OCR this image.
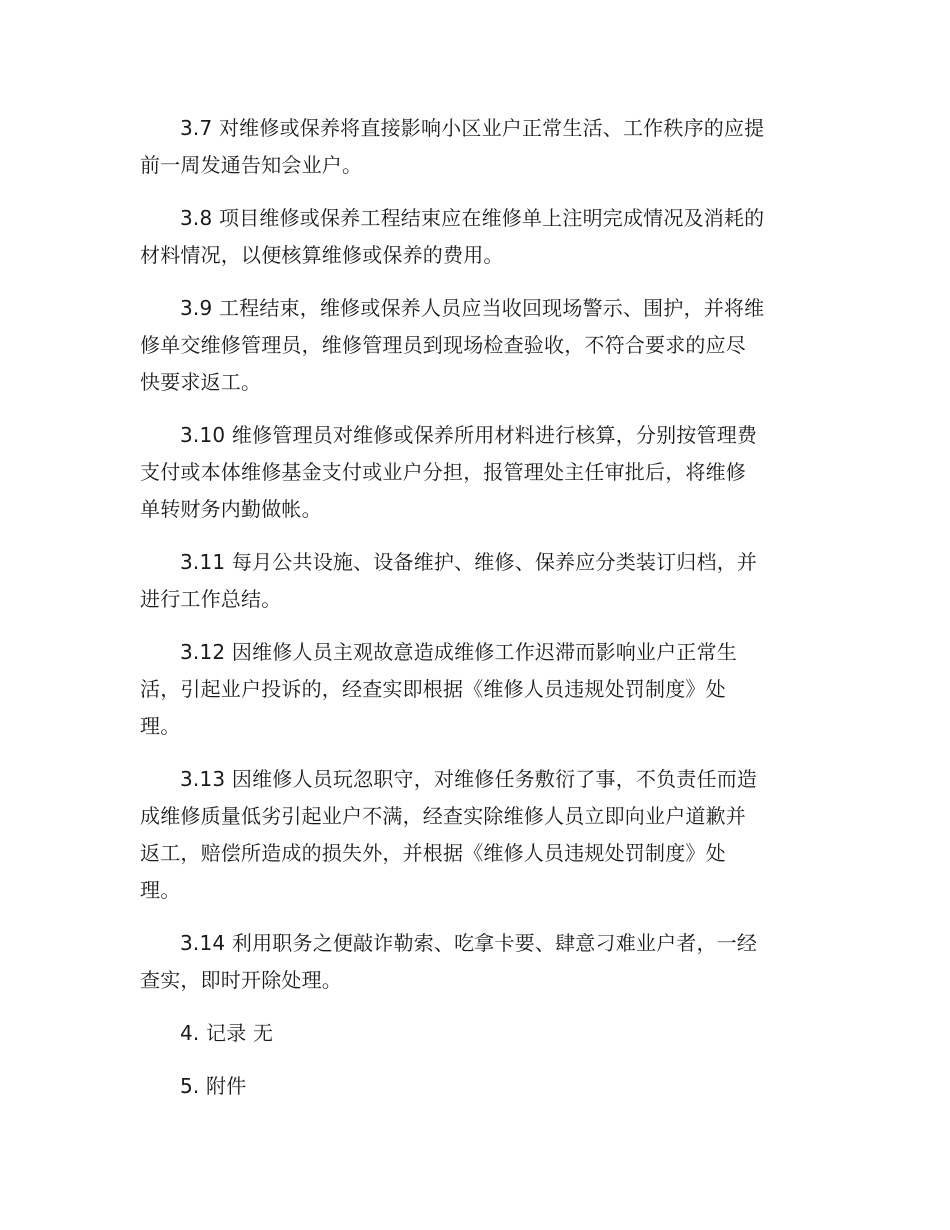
3.7 对维修或保养将直接影响小区业户正常生活、工作秩序的应提
前一周发通告知会业户。

3.8 项目维修或保养工程结束应在维修单上注明完成情况及消耗的
材料情况，以便核算维修或保养的费用。

3.9 工程结束，维修或保养人员应当收回现场警示、围护，并将维
修单交维修管理员，维修管理员到现场检查验收，不符合要求的应尽
快要求返工。

3.10 维修管理员对维修或保养所用材料进行核算，分别按管理费
支付或本体维修基金支付或业户分担，报管理处主任审批后，将维修
单转财务内勤做帐。

3.11 每月公共设施、设备维护、维修、保养应分类装订归档，并
进行工作总结。

3.12 因维修人员主观故意造成维修工作迟滞而影响业户正常生
活，引起业户投诉的，经查实即根据《维修人员违规处罚制度》处
理。

3.13 因维修人员玩忽职守，对维修任务敷衍了事，不负责任而造
成维修质量低劣引起业户不满，经查实除维修人员立即向业户道歉并
返工，赔偿所造成的损失外，并根据《维修人员违规处罚制度》处
理。

3.14 利用职务之便敲诈勒索、吃拿卡要、肆意刁难业户者，一经
查实，即时开除处理。

4. 记录 无

5. 附件
